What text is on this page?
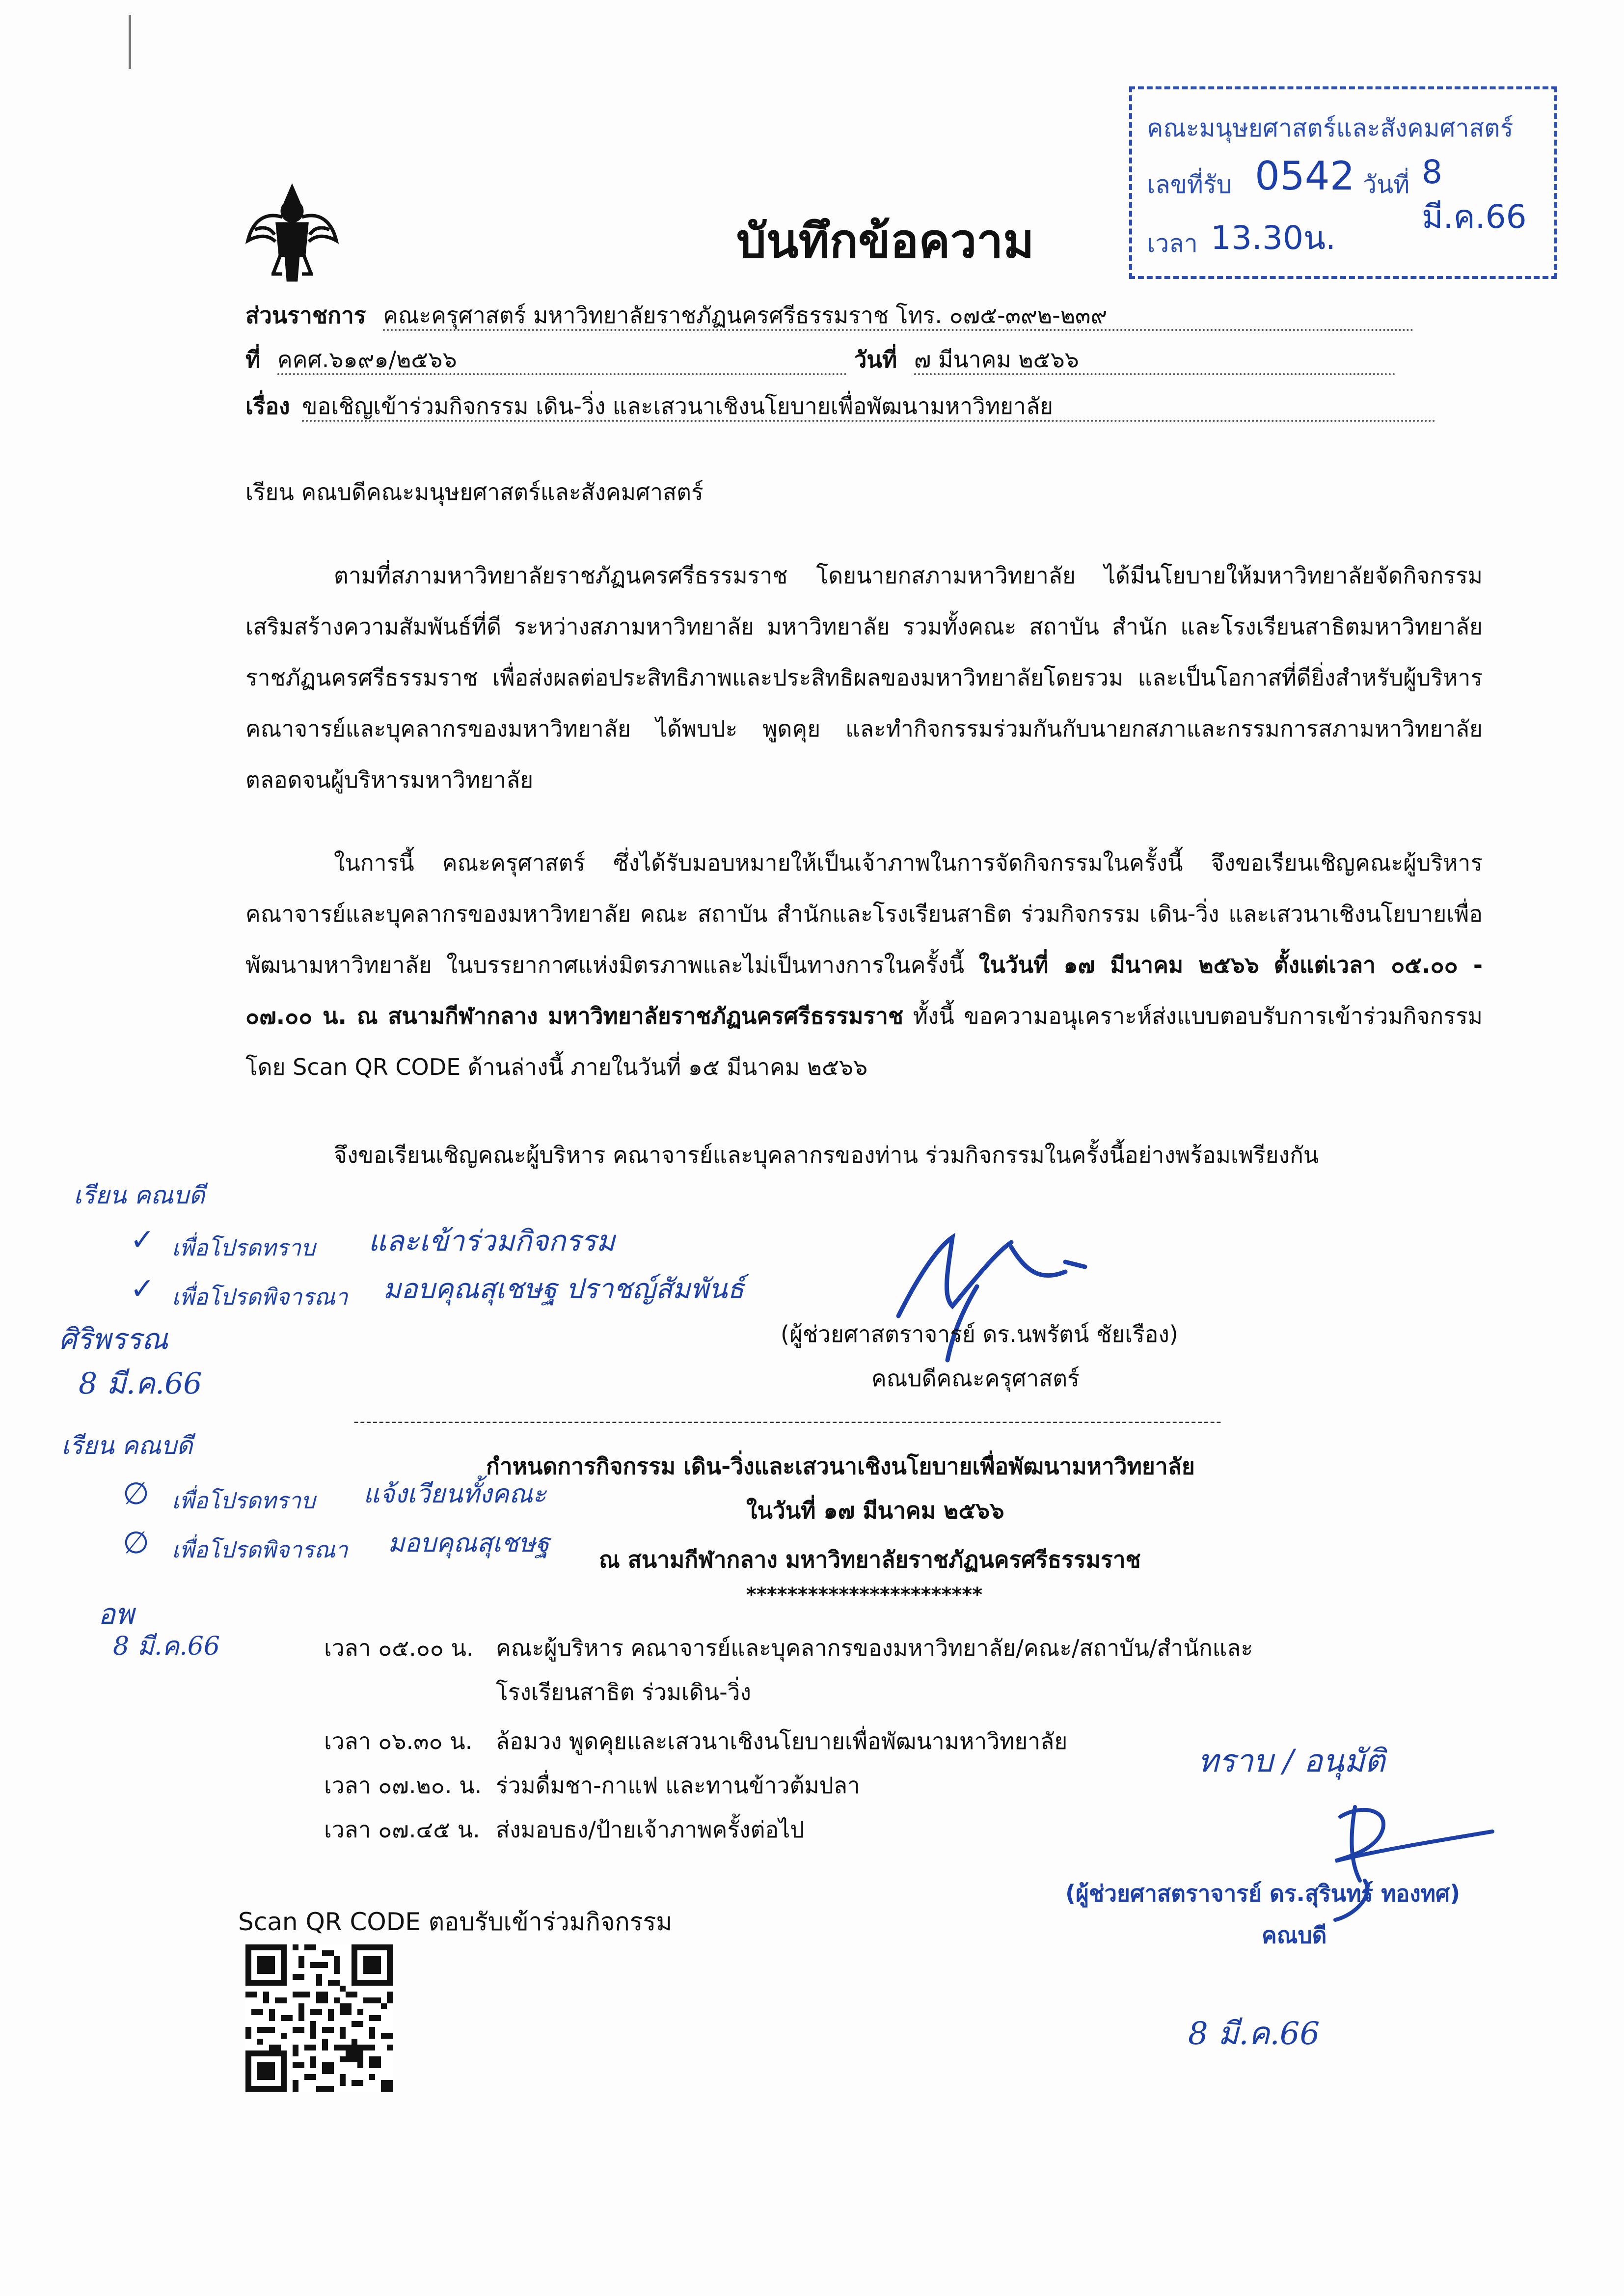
คณะมนุษยศาสตร์และสังคมศาสตร์
เลขที่รับ 0542 วันที่ 8 มี.ค.66
เวลา 13.30น.
บันทึกข้อความ
ส่วนราชการ คณะครุศาสตร์ มหาวิทยาลัยราชภัฏนครศรีธรรมราช โทร. ๐๗๕-๓๙๒-๒๓๙
ที่ คคศ.๖๑๙๑/๒๕๖๖	วันที่ ๗ มีนาคม ๒๕๖๖
เรื่อง ขอเชิญเข้าร่วมกิจกรรม เดิน-วิ่ง และเสวนาเชิงนโยบายเพื่อพัฒนามหาวิทยาลัย
เรียน คณบดีคณะมนุษยศาสตร์และสังคมศาสตร์
ตามที่สภามหาวิทยาลัยราชภัฏนครศรีธรรมราช โดยนายกสภามหาวิทยาลัย ได้มีนโยบายให้มหาวิทยาลัยจัดกิจกรรมเสริมสร้างความสัมพันธ์ที่ดี ระหว่างสภามหาวิทยาลัย มหาวิทยาลัย รวมทั้งคณะ สถาบัน สำนัก และโรงเรียนสาธิตมหาวิทยาลัยราชภัฏนครศรีธรรมราช เพื่อส่งผลต่อประสิทธิภาพและประสิทธิผลของมหาวิทยาลัยโดยรวม และเป็นโอกาสที่ดียิ่งสำหรับผู้บริหาร คณาจารย์และบุคลากรของมหาวิทยาลัย ได้พบปะ พูดคุย และทำกิจกรรมร่วมกันกับนายกสภาและกรรมการสภามหาวิทยาลัย ตลอดจนผู้บริหารมหาวิทยาลัย
ในการนี้ คณะครุศาสตร์ ซึ่งได้รับมอบหมายให้เป็นเจ้าภาพในการจัดกิจกรรมในครั้งนี้ จึงขอเรียนเชิญคณะผู้บริหาร คณาจารย์และบุคลากรของมหาวิทยาลัย คณะ สถาบัน สำนักและโรงเรียนสาธิต ร่วมกิจกรรม เดิน-วิ่ง และเสวนาเชิงนโยบายเพื่อพัฒนามหาวิทยาลัย ในบรรยากาศแห่งมิตรภาพและไม่เป็นทางการในครั้งนี้ ในวันที่ ๑๗ มีนาคม ๒๕๖๖ ตั้งแต่เวลา ๐๕.๐๐ - ๐๗.๐๐ น. ณ สนามกีฬากลาง มหาวิทยาลัยราชภัฏนครศรีธรรมราช ทั้งนี้ ขอความอนุเคราะห์ส่งแบบตอบรับการเข้าร่วมกิจกรรมโดย Scan QR CODE ด้านล่างนี้ ภายในวันที่ ๑๕ มีนาคม ๒๕๖๖
จึงขอเรียนเชิญคณะผู้บริหาร คณาจารย์และบุคลากรของท่าน ร่วมกิจกรรมในครั้งนี้อย่างพร้อมเพรียงกัน
เรียน คณบดี
✓ เพื่อโปรดทราบ และเข้าร่วมกิจกรรม
✓ เพื่อโปรดพิจารณา มอบคุณสุเชษฐ ปราชญ์สัมพันธ์
ศิริพรรณ
8 มี.ค.66
(ผู้ช่วยศาสตราจารย์ ดร.นพรัตน์ ชัยเรือง)
คณบดีคณะครุศาสตร์
------------------------------------------------------------------------------------------------------------------------------------------
เรียน คณบดี
∅ เพื่อโปรดทราบ แจ้งเวียนทั้งคณะ
∅ เพื่อโปรดพิจารณา มอบคุณสุเชษฐ
อพ
8 มี.ค.66
กำหนดการกิจกรรม เดิน-วิ่งและเสวนาเชิงนโยบายเพื่อพัฒนามหาวิทยาลัย
ในวันที่ ๑๗ มีนาคม ๒๕๖๖
ณ สนามกีฬากลาง มหาวิทยาลัยราชภัฏนครศรีธรรมราช
***********************
เวลา ๐๕.๐๐ น. คณะผู้บริหาร คณาจารย์และบุคลากรของมหาวิทยาลัย/คณะ/สถาบัน/สำนักและ
โรงเรียนสาธิต ร่วมเดิน-วิ่ง
เวลา ๐๖.๓๐ น. ล้อมวง พูดคุยและเสวนาเชิงนโยบายเพื่อพัฒนามหาวิทยาลัย
เวลา ๐๗.๒๐. น. ร่วมดื่มชา-กาแฟ และทานข้าวต้มปลา
เวลา ๐๗.๔๕ น. ส่งมอบธง/ป้ายเจ้าภาพครั้งต่อไป
ทราบ / อนุมัติ
(ผู้ช่วยศาสตราจารย์ ดร.สุรินทร์ ทองทศ)
คณบดี
8 มี.ค.66
Scan QR CODE ตอบรับเข้าร่วมกิจกรรม
